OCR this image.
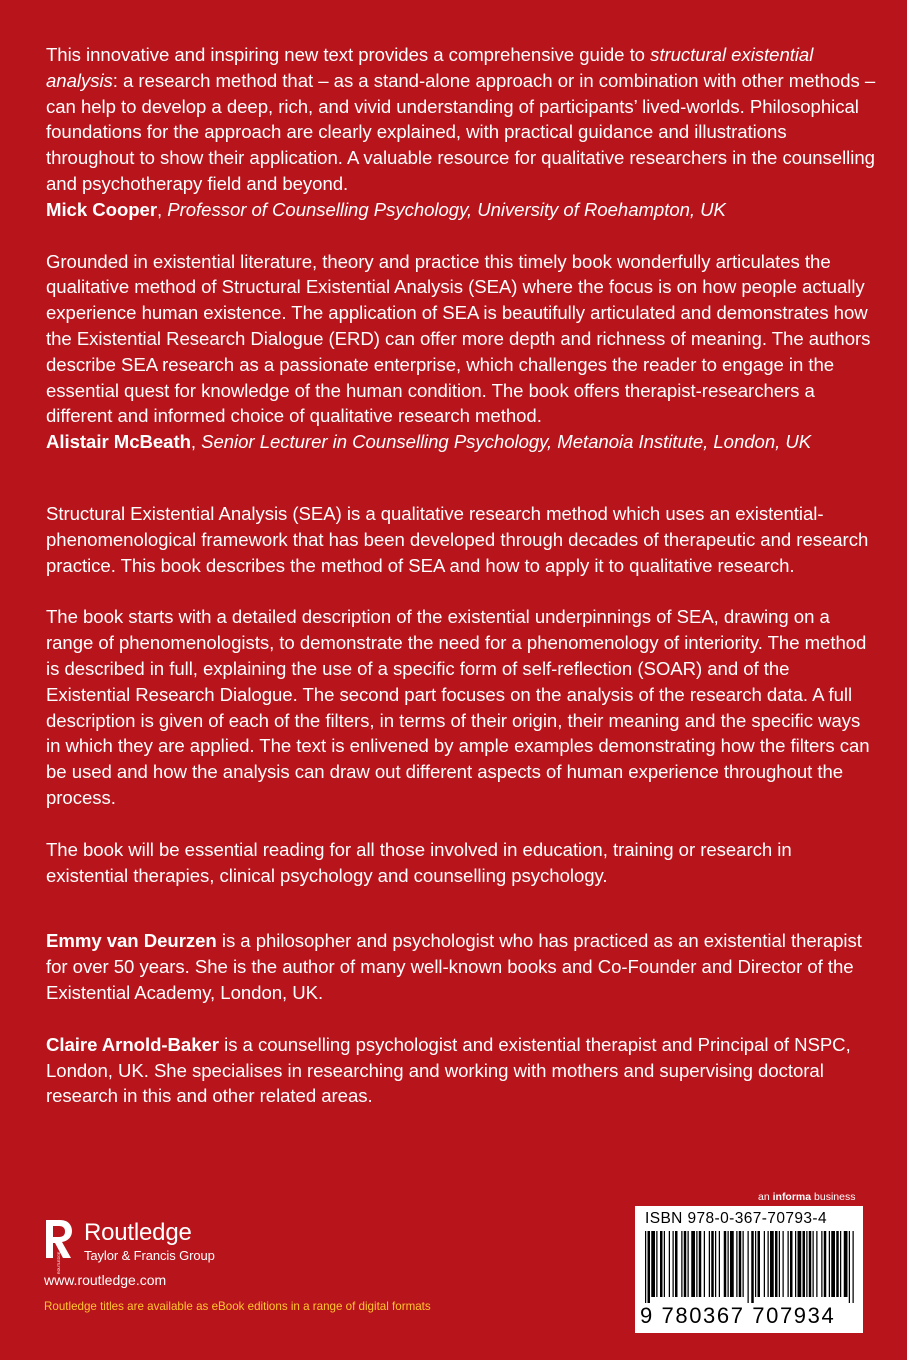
This innovative and inspiring new text provides a comprehensive guide to structural existential analysis: a research method that – as a stand-alone approach or in combination with other methods – can help to develop a deep, rich, and vivid understanding of participants’ lived-worlds. Philosophical foundations for the approach are clearly explained, with practical guidance and illustrations throughout to show their application. A valuable resource for qualitative researchers in the counselling and psychotherapy field and beyond.

Mick Cooper, Professor of Counselling Psychology, University of Roehampton, UK

Grounded in existential literature, theory and practice this timely book wonderfully articulates the qualitative method of Structural Existential Analysis (SEA) where the focus is on how people actually experience human existence. The application of SEA is beautifully articulated and demonstrates how the Existential Research Dialogue (ERD) can offer more depth and richness of meaning. The authors describe SEA research as a passionate enterprise, which challenges the reader to engage in the essential quest for knowledge of the human condition. The book offers therapist-researchers a different and informed choice of qualitative research method.

Alistair McBeath, Senior Lecturer in Counselling Psychology, Metanoia Institute, London, UK

Structural Existential Analysis (SEA) is a qualitative research method which uses an existential-phenomenological framework that has been developed through decades of therapeutic and research practice. This book describes the method of SEA and how to apply it to qualitative research.

The book starts with a detailed description of the existential underpinnings of SEA, drawing on a range of phenomenologists, to demonstrate the need for a phenomenology of interiority. The method is described in full, explaining the use of a specific form of self-reflection (SOAR) and of the Existential Research Dialogue. The second part focuses on the analysis of the research data. A full description is given of each of the filters, in terms of their origin, their meaning and the specific ways in which they are applied. The text is enlivened by ample examples demonstrating how the filters can be used and how the analysis can draw out different aspects of human experience throughout the process.

The book will be essential reading for all those involved in education, training or research in existential therapies, clinical psychology and counselling psychology.

Emmy van Deurzen is a philosopher and psychologist who has practiced as an existential therapist for over 50 years. She is the author of many well-known books and Co-Founder and Director of the Existential Academy, London, UK.

Claire Arnold-Baker is a counselling psychologist and existential therapist and Principal of NSPC, London, UK. She specialises in researching and working with mothers and supervising doctoral research in this and other related areas.

ROUTLEDGE
Routledge
Taylor & Francis Group
www.routledge.com
Routledge titles are available as eBook editions in a range of digital formats
an informa business
ISBN 978-0-367-70793-4
9 780367 707934
